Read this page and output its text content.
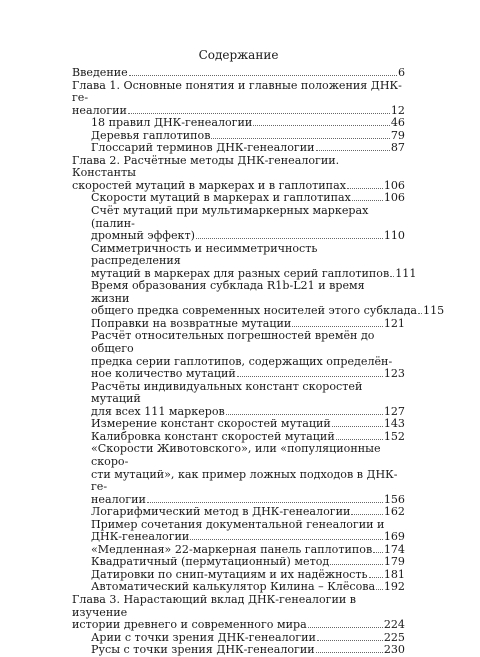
Содержание
Введение	6
Глава 1. Основные понятия и главные положения ДНК-ге-
неалогии	12
18 правил ДНК-генеалогии	46
Деревья гаплотипов	79
Глоссарий терминов ДНК-генеалогии	87
Глава 2. Расчётные методы ДНК-генеалогии. Константы
скоростей мутаций в маркерах и в гаплотипах	106
Скорости мутаций в маркерах и гаплотипах	106
Счёт мутаций при мультимаркерных маркерах (палин-
дромный эффект)	110
Симметричность и несимметричность распределения
мутаций в маркерах для разных серий гаплотипов 111
Время образования субклада R1b-L21 и время жизни
общего предка современных носителей этого субклада 115
Поправки на возвратные мутации	121
Расчёт относительных погрешностей времён до общего
предка серии гаплотипов, содержащих определён-
ное количество мутаций	123
Расчёты индивидуальных констант скоростей мутаций
для всех 111 маркеров	127
Измерение констант скоростей мутаций	143
Калибровка констант скоростей мутаций	152
«Скорости Животовского», или «популяционные скоро-
сти мутаций», как пример ложных подходов в ДНК-ге-
неалогии	156
Логарифмический метод в ДНК-генеалогии	162
Пример сочетания документальной генеалогии и
ДНК-генеалогии	169
«Медленная» 22-маркерная панель гаплотипов 174
Квадратичный (пермутационный) метод	179
Датировки по снип-мутациям и их надёжность 181
Автоматический калькулятор Килина – Клёсова 192
Глава 3. Нарастающий вклад ДНК-генеалогии в изучение
истории древнего и современного мира	224
Арии с точки зрения ДНК-генеалогии	225
Русы с точки зрения ДНК-генеалогии	230
